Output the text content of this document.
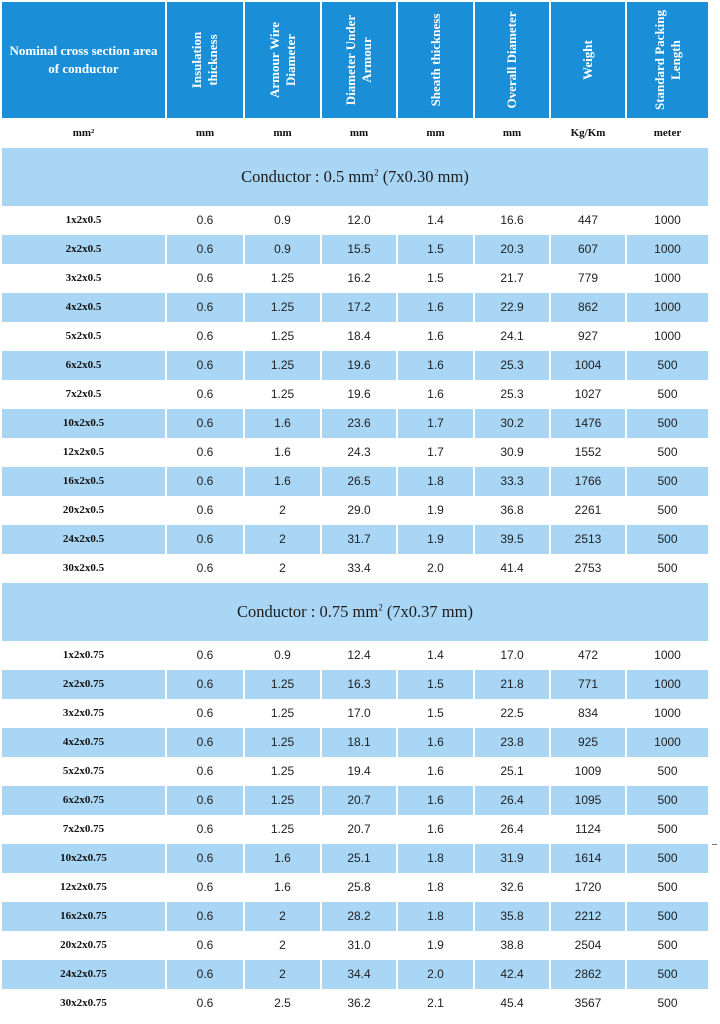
Nominal cross section area of conductor	Insulation thickness	Armour Wire Diameter	Diameter Under Armour	Sheath thickness	Overall Diameter	Weight	Standard Packing Length
mm²	mm	mm	mm	mm	mm	Kg/Km	meter
Conductor : 0.5 $mm^2$ (7x0.30 mm)
1x2x0.5	0.6	0.9	12.0	1.4	16.6	447	1000
2x2x0.5	0.6	0.9	15.5	1.5	20.3	607	1000
3x2x0.5	0.6	1.25	16.2	1.5	21.7	779	1000
4x2x0.5	0.6	1.25	17.2	1.6	22.9	862	1000
5x2x0.5	0.6	1.25	18.4	1.6	24.1	927	1000
6x2x0.5	0.6	1.25	19.6	1.6	25.3	1004	500
7x2x0.5	0.6	1.25	19.6	1.6	25.3	1027	500
10x2x0.5	0.6	1.6	23.6	1.7	30.2	1476	500
12x2x0.5	0.6	1.6	24.3	1.7	30.9	1552	500
16x2x0.5	0.6	1.6	26.5	1.8	33.3	1766	500
20x2x0.5	0.6	2	29.0	1.9	36.8	2261	500
24x2x0.5	0.6	2	31.7	1.9	39.5	2513	500
30x2x0.5	0.6	2	33.4	2.0	41.4	2753	500
Conductor : 0.75 $mm^2$ (7x0.37 mm)
1x2x0.75	0.6	0.9	12.4	1.4	17.0	472	1000
2x2x0.75	0.6	1.25	16.3	1.5	21.8	771	1000
3x2x0.75	0.6	1.25	17.0	1.5	22.5	834	1000
4x2x0.75	0.6	1.25	18.1	1.6	23.8	925	1000
5x2x0.75	0.6	1.25	19.4	1.6	25.1	1009	500
6x2x0.75	0.6	1.25	20.7	1.6	26.4	1095	500
7x2x0.75	0.6	1.25	20.7	1.6	26.4	1124	500
10x2x0.75	0.6	1.6	25.1	1.8	31.9	1614	500
12x2x0.75	0.6	1.6	25.8	1.8	32.6	1720	500
16x2x0.75	0.6	2	28.2	1.8	35.8	2212	500
20x2x0.75	0.6	2	31.0	1.9	38.8	2504	500
24x2x0.75	0.6	2	34.4	2.0	42.4	2862	500
30x2x0.75	0.6	2.5	36.2	2.1	45.4	3567	500
